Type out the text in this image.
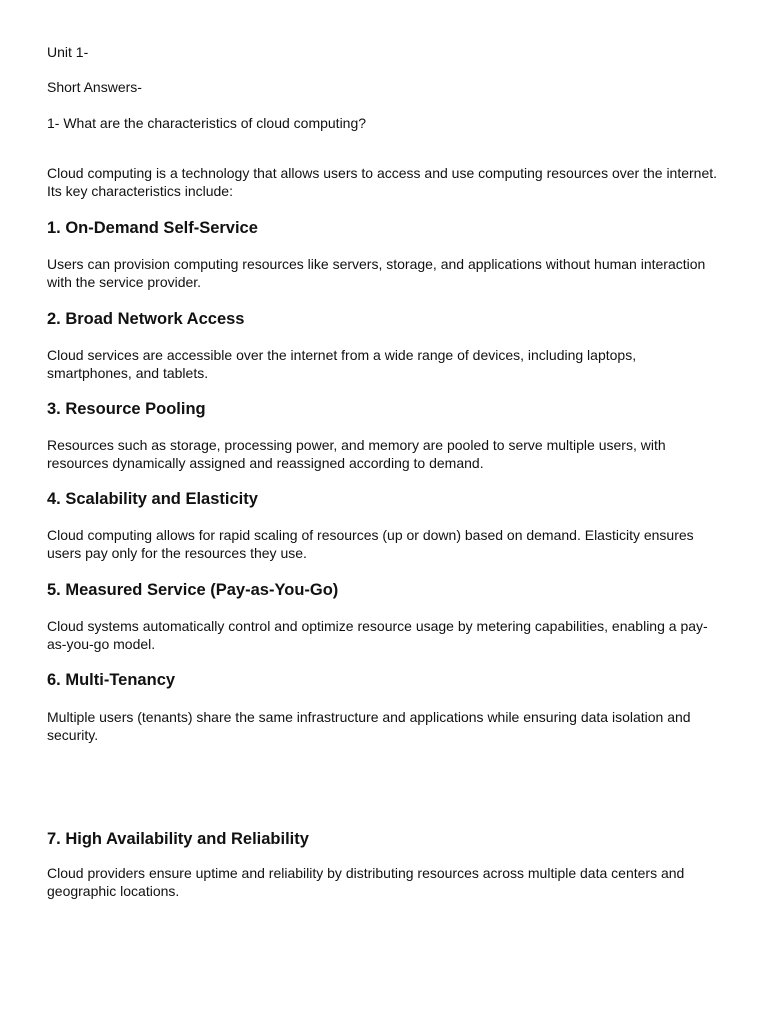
Unit 1-

Short Answers-

1- What are the characteristics of cloud computing?

Cloud computing is a technology that allows users to access and use computing resources over the internet. Its key characteristics include:

1. On-Demand Self-Service

Users can provision computing resources like servers, storage, and applications without human interaction with the service provider.

2. Broad Network Access

Cloud services are accessible over the internet from a wide range of devices, including laptops, smartphones, and tablets.

3. Resource Pooling

Resources such as storage, processing power, and memory are pooled to serve multiple users, with resources dynamically assigned and reassigned according to demand.

4. Scalability and Elasticity

Cloud computing allows for rapid scaling of resources (up or down) based on demand. Elasticity ensures users pay only for the resources they use.

5. Measured Service (Pay-as-You-Go)

Cloud systems automatically control and optimize resource usage by metering capabilities, enabling a pay-as-you-go model.

6. Multi-Tenancy

Multiple users (tenants) share the same infrastructure and applications while ensuring data isolation and security.

7. High Availability and Reliability

Cloud providers ensure uptime and reliability by distributing resources across multiple data centers and geographic locations.
